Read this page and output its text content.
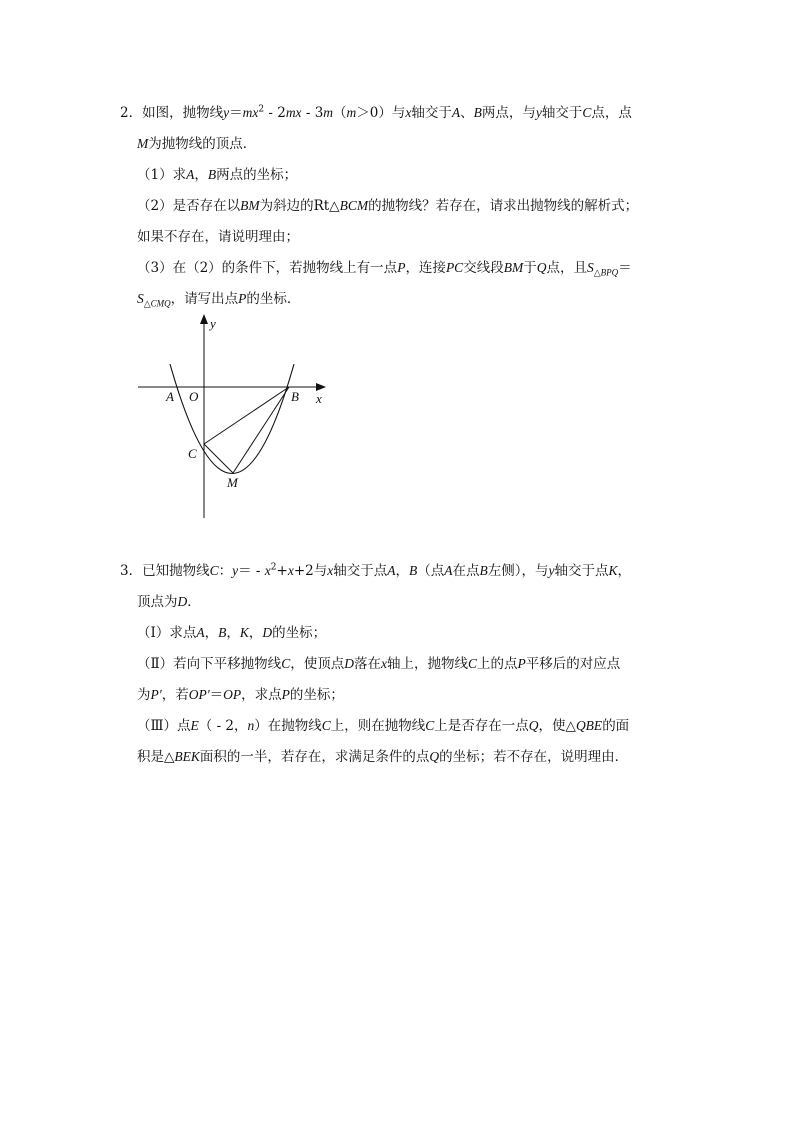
2．如图，抛物线$y=mx^2 - 2mx - 3m(m>0)$与x轴交于A、B两点，与y轴交于C点，点
M为抛物线的顶点．
（1）求A，B两点的坐标；
（2）是否存在以BM为斜边的Rt△BCM的抛物线？若存在，请求出抛物线的解析式；
如果不存在，请说明理由；
（3）在（2）的条件下，若抛物线上有一点P，连接PC交线段BM于Q点，且$S_{\triangle BPQ}=$
$S_{\triangle CMQ}$，请写出点P的坐标．
y
x
A O	B
C
M
3．已知抛物线C：$y= - x^2+x+2$与x轴交于点A，B（点A在点B左侧），与y轴交于点K，
顶点为D．
（Ⅰ）求点A，B，K，D的坐标；
（Ⅱ）若向下平移抛物线C，使顶点D落在x轴上，抛物线C上的点P平移后的对应点
为P′，若OP′＝OP，求点P的坐标；
（Ⅲ）点E（ - 2，n）在抛物线C上，则在抛物线C上是否存在一点Q，使△QBE的面
积是△BEK面积的一半，若存在，求满足条件的点Q的坐标；若不存在，说明理由．
